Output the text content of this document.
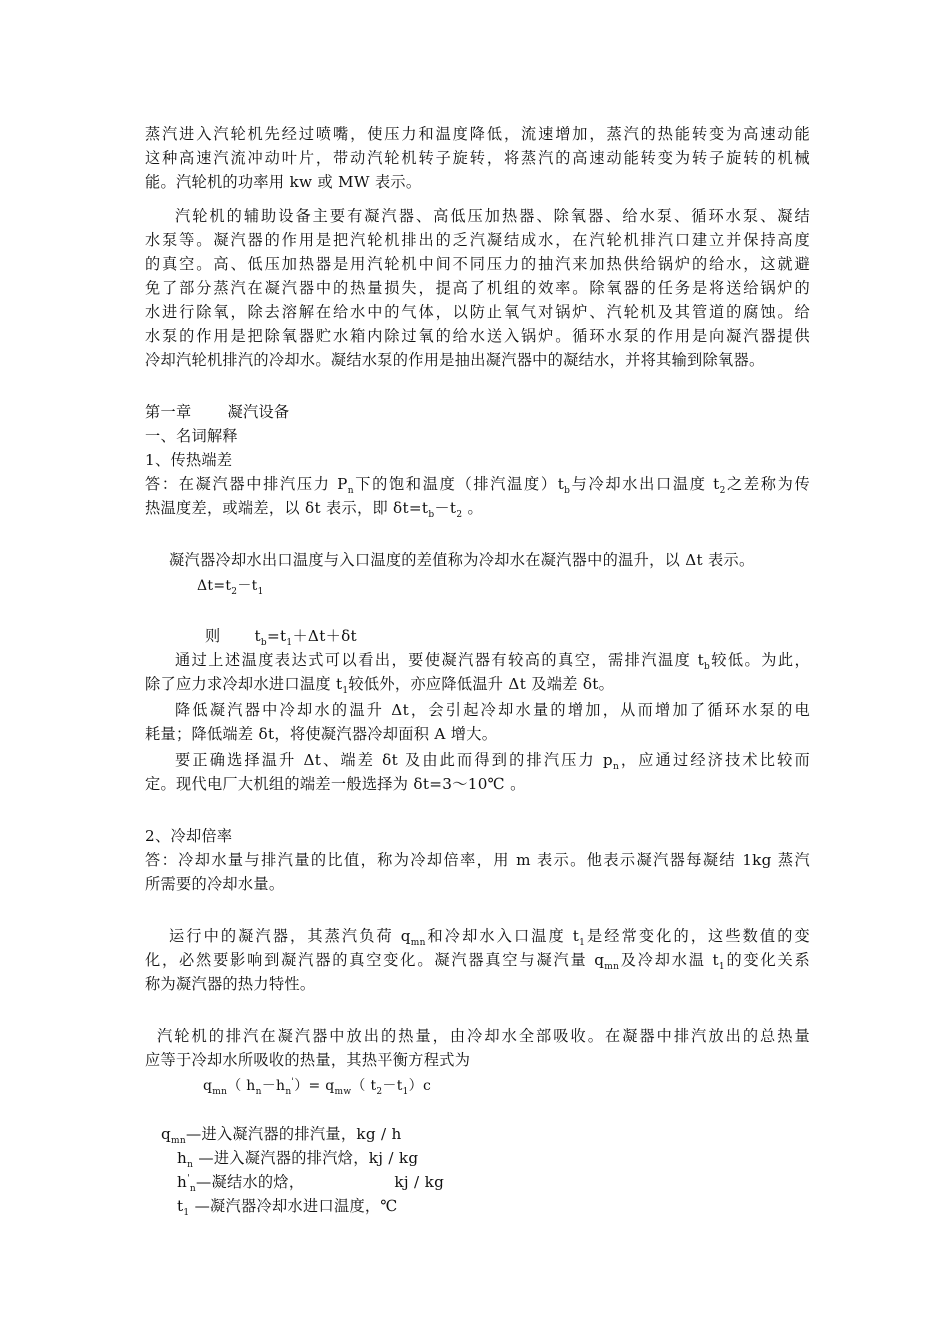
蒸汽进入汽轮机先经过喷嘴，使压力和温度降低，流速增加，蒸汽的热能转变为高速动能
这种高速汽流冲动叶片，带动汽轮机转子旋转，将蒸汽的高速动能转变为转子旋转的机械
能。汽轮机的功率用 kw 或 MW 表示。
汽轮机的辅助设备主要有凝汽器、高低压加热器、除氧器、给水泵、循环水泵、凝结
水泵等。凝汽器的作用是把汽轮机排出的乏汽凝结成水，在汽轮机排汽口建立并保持高度
的真空。高、低压加热器是用汽轮机中间不同压力的抽汽来加热供给锅炉的给水，这就避
免了部分蒸汽在凝汽器中的热量损失，提高了机组的效率。除氧器的任务是将送给锅炉的
水进行除氧，除去溶解在给水中的气体，以防止氧气对锅炉、汽轮机及其管道的腐蚀。给
水泵的作用是把除氧器贮水箱内除过氧的给水送入锅炉。循环水泵的作用是向凝汽器提供
冷却汽轮机排汽的冷却水。凝结水泵的作用是抽出凝汽器中的凝结水，并将其输到除氧器。
第一章 凝汽设备
一、名词解释
1、传热端差
答：在凝汽器中排汽压力 $P_n$下的饱和温度（排汽温度）$t_b$与冷却水出口温度 $t_2$之差称为传
热温度差，或端差，以 δt 表示，即 $\delta t=t_b-t_2$ 。
凝汽器冷却水出口温度与入口温度的差值称为冷却水在凝汽器中的温升，以 Δt 表示。
$\Delta t=t_2-t_1$
则 $t_b=t_1+\Delta t+\delta t$
通过上述温度表达式可以看出，要使凝汽器有较高的真空，需排汽温度 $t_b$较低。为此，
除了应力求冷却水进口温度 $t_1$较低外，亦应降低温升 Δt 及端差 δt。
降低凝汽器中冷却水的温升 Δt，会引起冷却水量的增加，从而增加了循环水泵的电
耗量；降低端差 δt，将使凝汽器冷却面积 A 增大。
要正确选择温升 Δt、端差 δt 及由此而得到的排汽压力 $p_n$，应通过经济技术比较而
定。现代电厂大机组的端差一般选择为 δt=3～10℃ 。
2、冷却倍率
答：冷却水量与排汽量的比值，称为冷却倍率，用 m 表示。他表示凝汽器每凝结 1kg 蒸汽
所需要的冷却水量。
运行中的凝汽器，其蒸汽负荷 $q_{mn}$和冷却水入口温度 $t_1$是经常变化的，这些数值的变
化，必然要影响到凝汽器的真空变化。凝汽器真空与凝汽量 $q_{mn}$及冷却水温 $t_1$的变化关系
称为凝汽器的热力特性。
汽轮机的排汽在凝汽器中放出的热量，由冷却水全部吸收。在凝器中排汽放出的总热量
应等于冷却水所吸收的热量，其热平衡方程式为
$q_{mn}$（ $h_n-h_n')= q_{mw}$（ $t_2-t_1)c$
$q_{mn}—$进入凝汽器的排汽量，kg / h
$h_n$ —进入凝汽器的排汽焓，kj / kg
$h'_n—$凝结水的焓，	kj / kg
$t_1$ —凝汽器冷却水进口温度，℃
